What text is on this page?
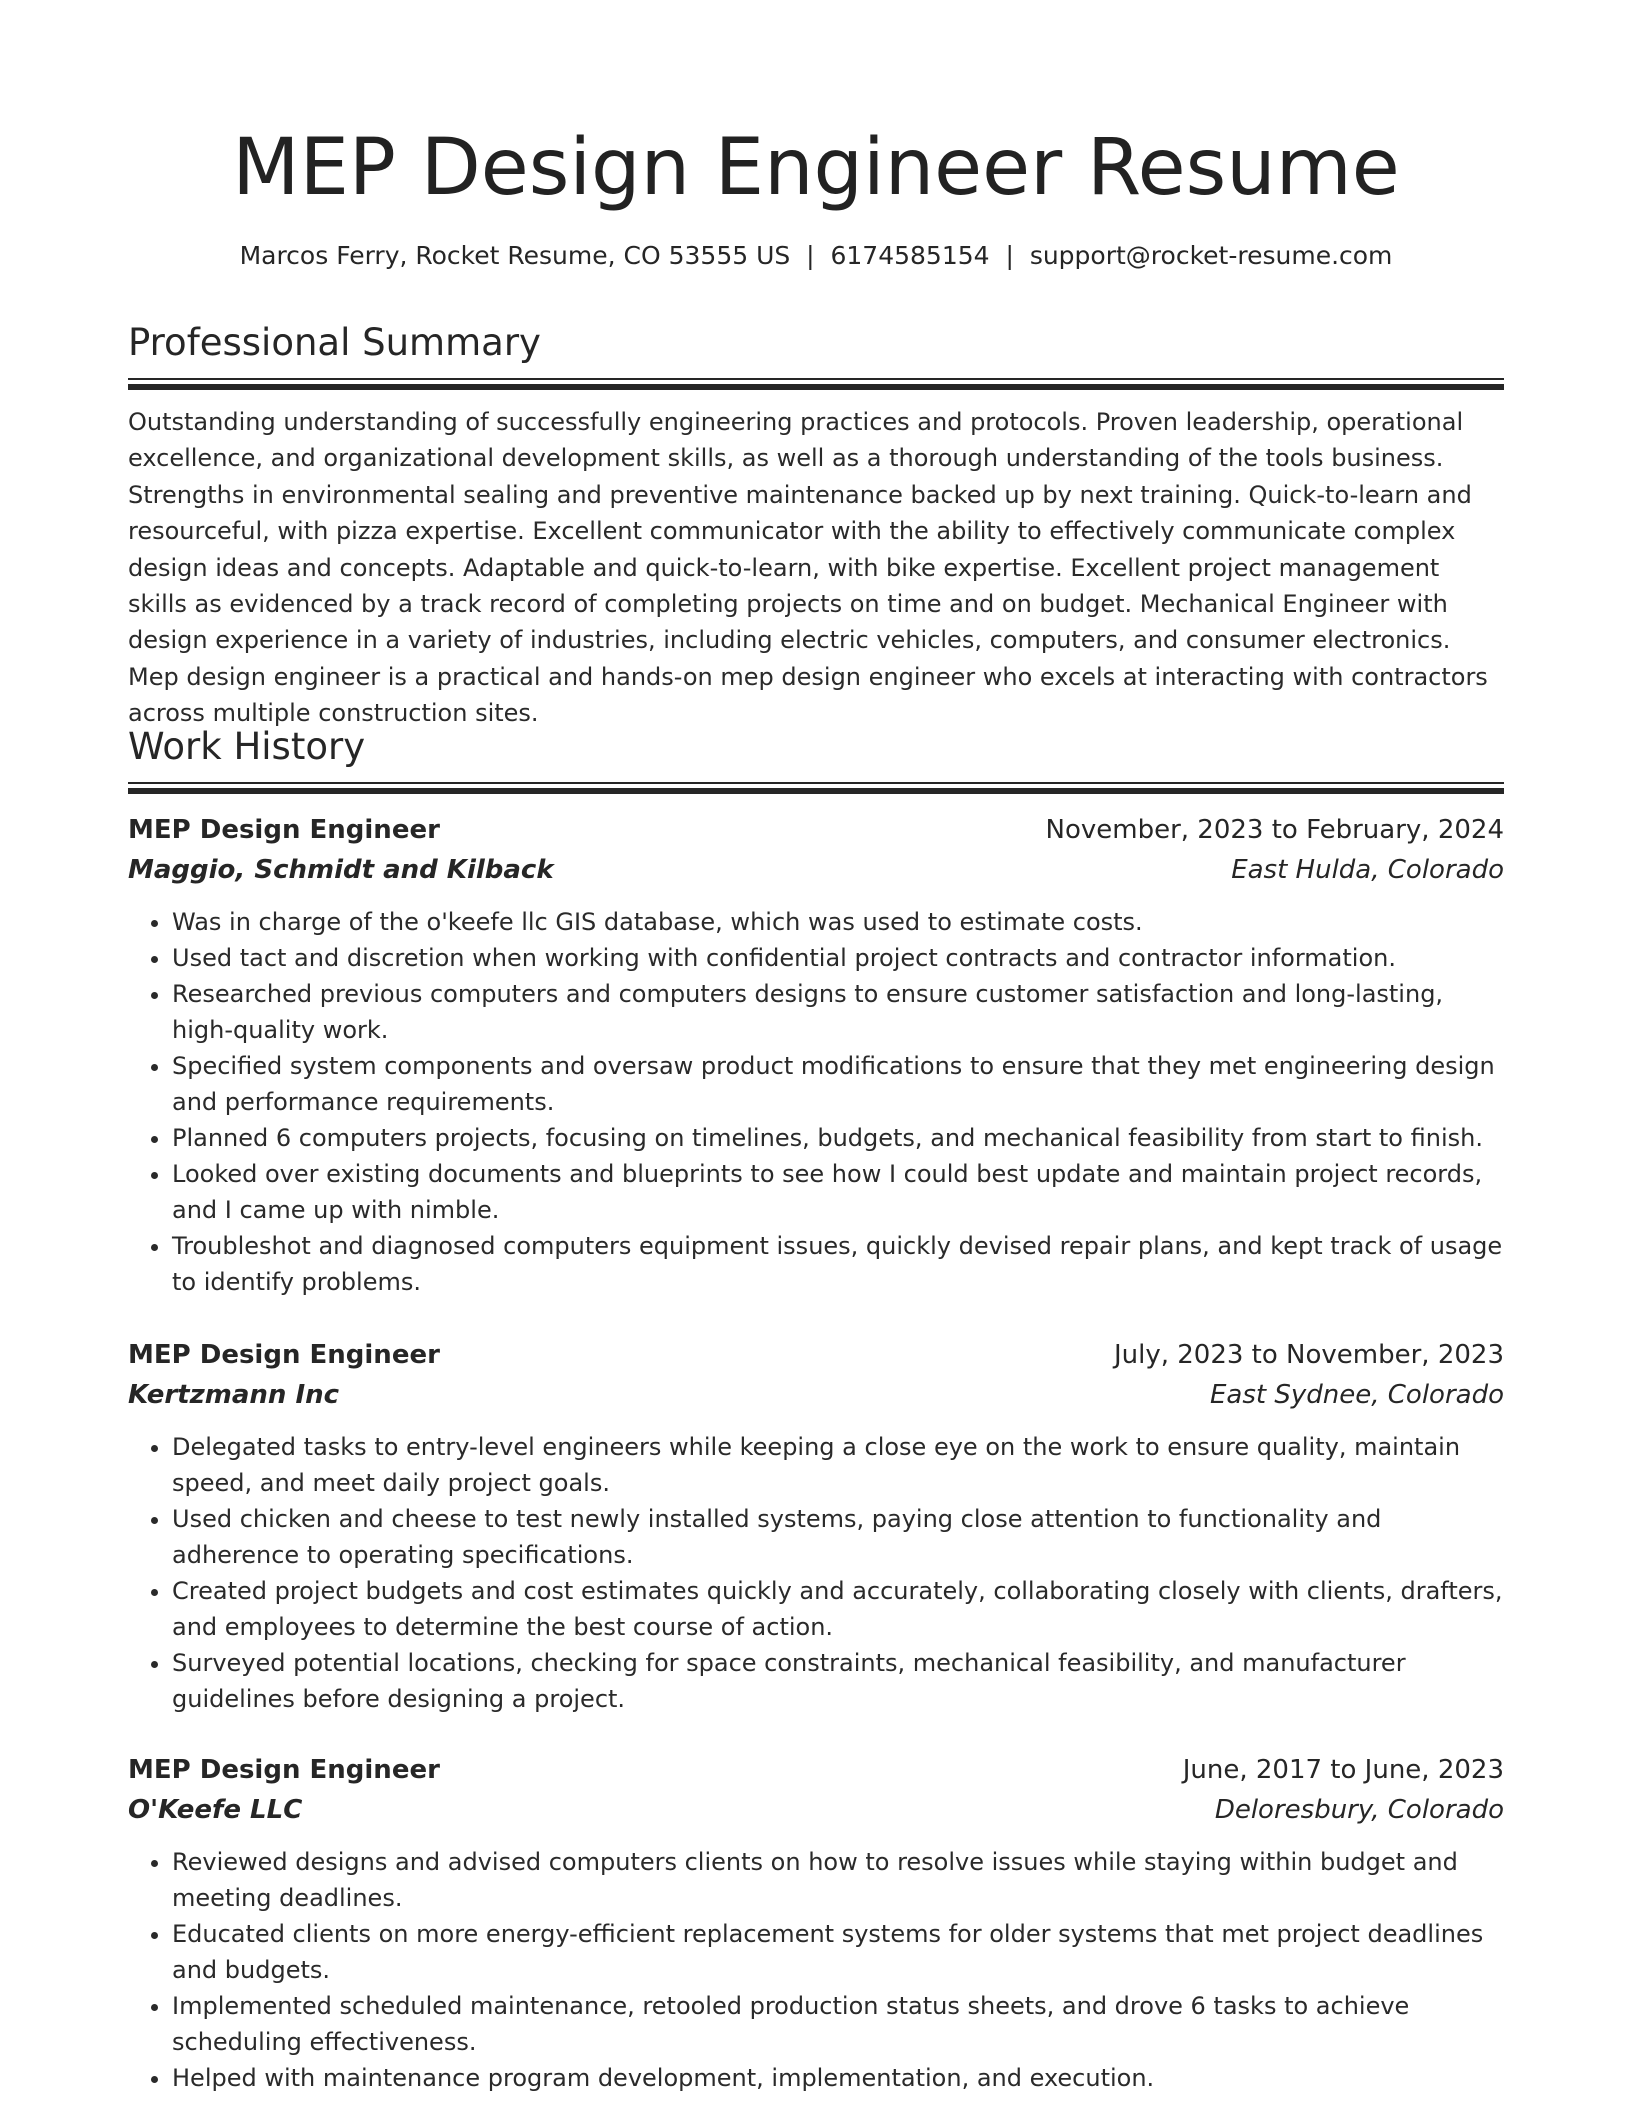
MEP Design Engineer Resume
Marcos Ferry, Rocket Resume, CO 53555 US | 6174585154 | support@rocket-resume.com
Professional Summary
Outstanding understanding of successfully engineering practices and protocols. Proven leadership, operational excellence, and organizational development skills, as well as a thorough understanding of the tools business. Strengths in environmental sealing and preventive maintenance backed up by next training. Quick-to-learn and resourceful, with pizza expertise. Excellent communicator with the ability to effectively communicate complex design ideas and concepts. Adaptable and quick-to-learn, with bike expertise. Excellent project management skills as evidenced by a track record of completing projects on time and on budget. Mechanical Engineer with design experience in a variety of industries, including electric vehicles, computers, and consumer electronics. Mep design engineer is a practical and hands-on mep design engineer who excels at interacting with contractors across multiple construction sites.
Work History
MEP Design Engineer	November, 2023 to February, 2024
Maggio, Schmidt and Kilback	East Hulda, Colorado
• Was in charge of the o'keefe llc GIS database, which was used to estimate costs.
• Used tact and discretion when working with confidential project contracts and contractor information.
• Researched previous computers and computers designs to ensure customer satisfaction and long-lasting, high-quality work.
• Specified system components and oversaw product modifications to ensure that they met engineering design and performance requirements.
• Planned 6 computers projects, focusing on timelines, budgets, and mechanical feasibility from start to finish.
• Looked over existing documents and blueprints to see how I could best update and maintain project records, and I came up with nimble.
• Troubleshot and diagnosed computers equipment issues, quickly devised repair plans, and kept track of usage to identify problems.
MEP Design Engineer	July, 2023 to November, 2023
Kertzmann Inc	East Sydnee, Colorado
• Delegated tasks to entry-level engineers while keeping a close eye on the work to ensure quality, maintain speed, and meet daily project goals.
• Used chicken and cheese to test newly installed systems, paying close attention to functionality and adherence to operating specifications.
• Created project budgets and cost estimates quickly and accurately, collaborating closely with clients, drafters, and employees to determine the best course of action.
• Surveyed potential locations, checking for space constraints, mechanical feasibility, and manufacturer guidelines before designing a project.
MEP Design Engineer	June, 2017 to June, 2023
O'Keefe LLC	Deloresbury, Colorado
• Reviewed designs and advised computers clients on how to resolve issues while staying within budget and meeting deadlines.
• Educated clients on more energy-efficient replacement systems for older systems that met project deadlines and budgets.
• Implemented scheduled maintenance, retooled production status sheets, and drove 6 tasks to achieve scheduling effectiveness.
• Helped with maintenance program development, implementation, and execution.
